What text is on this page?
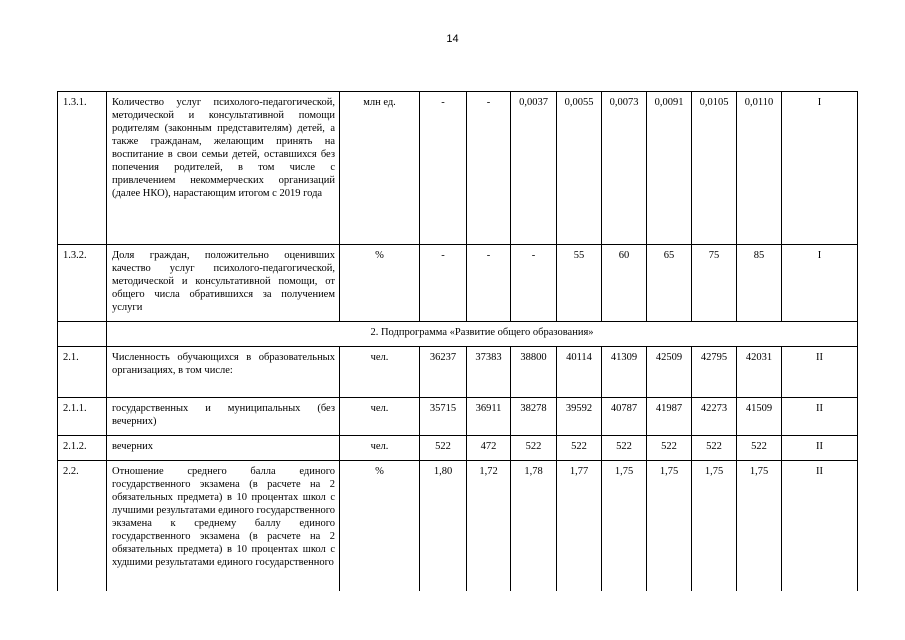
14
1.3.1.	Количество услуг психолого-педагогической, методической и консультативной помощи родителям (законным представителям) детей, а также гражданам, желающим принять на воспитание в свои семьи детей, оставшихся без попечения родителей, в том числе с привлечением некоммерческих организаций (далее НКО), нарастающим итогом с 2019 года	млн ед.	-	-	0,0037	0,0055	0,0073	0,0091	0,0105	0,0110	I
1.3.2.	Доля граждан, положительно оценивших качество услуг психолого-педагогической, методической и консультативной помощи, от общего числа обратившихся за получением услуги	%	-	-	-	55	60	65	75	85	I
	2. Подпрограмма «Развитие общего образования»										
2.1.	Численность обучающихся в образовательных организациях, в том числе:	чел.	36237	37383	38800	40114	41309	42509	42795	42031	II
2.1.1.	государственных и муниципальных (без вечерних)	чел.	35715	36911	38278	39592	40787	41987	42273	41509	II
2.1.2.	вечерних	чел.	522	472	522	522	522	522	522	522	II
2.2.	Отношение среднего балла единого государственного экзамена (в расчете на 2 обязательных предмета) в 10 процентах школ с лучшими результатами единого государственного экзамена к среднему баллу единого государственного экзамена (в расчете на 2 обязательных предмета) в 10 процентах школ с худшими результатами единого государственного	%	1,80	1,72	1,78	1,77	1,75	1,75	1,75	1,75	II
